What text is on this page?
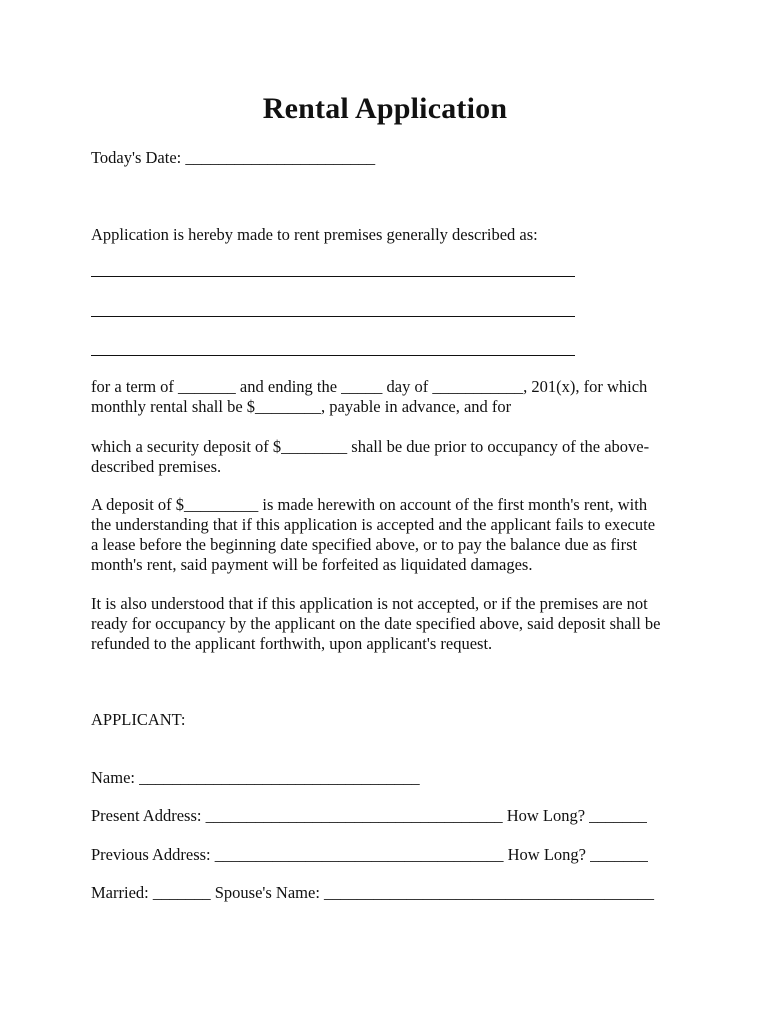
Rental Application
Today's Date: _______________________
Application is hereby made to rent premises generally described as:
for a term of _______ and ending the _____ day of ___________, 201(x), for which
monthly rental shall be $________, payable in advance, and for
which a security deposit of $________ shall be due prior to occupancy of the above-
described premises.
A deposit of $_________ is made herewith on account of the first month's rent, with
the understanding that if this application is accepted and the applicant fails to execute
a lease before the beginning date specified above, or to pay the balance due as first
month's rent, said payment will be forfeited as liquidated damages.
It is also understood that if this application is not accepted, or if the premises are not
ready for occupancy by the applicant on the date specified above, said deposit shall be
refunded to the applicant forthwith, upon applicant's request.
APPLICANT:
Name: __________________________________
Present Address: ____________________________________ How Long? _______
Previous Address: ___________________________________ How Long? _______
Married: _______ Spouse's Name: ________________________________________
